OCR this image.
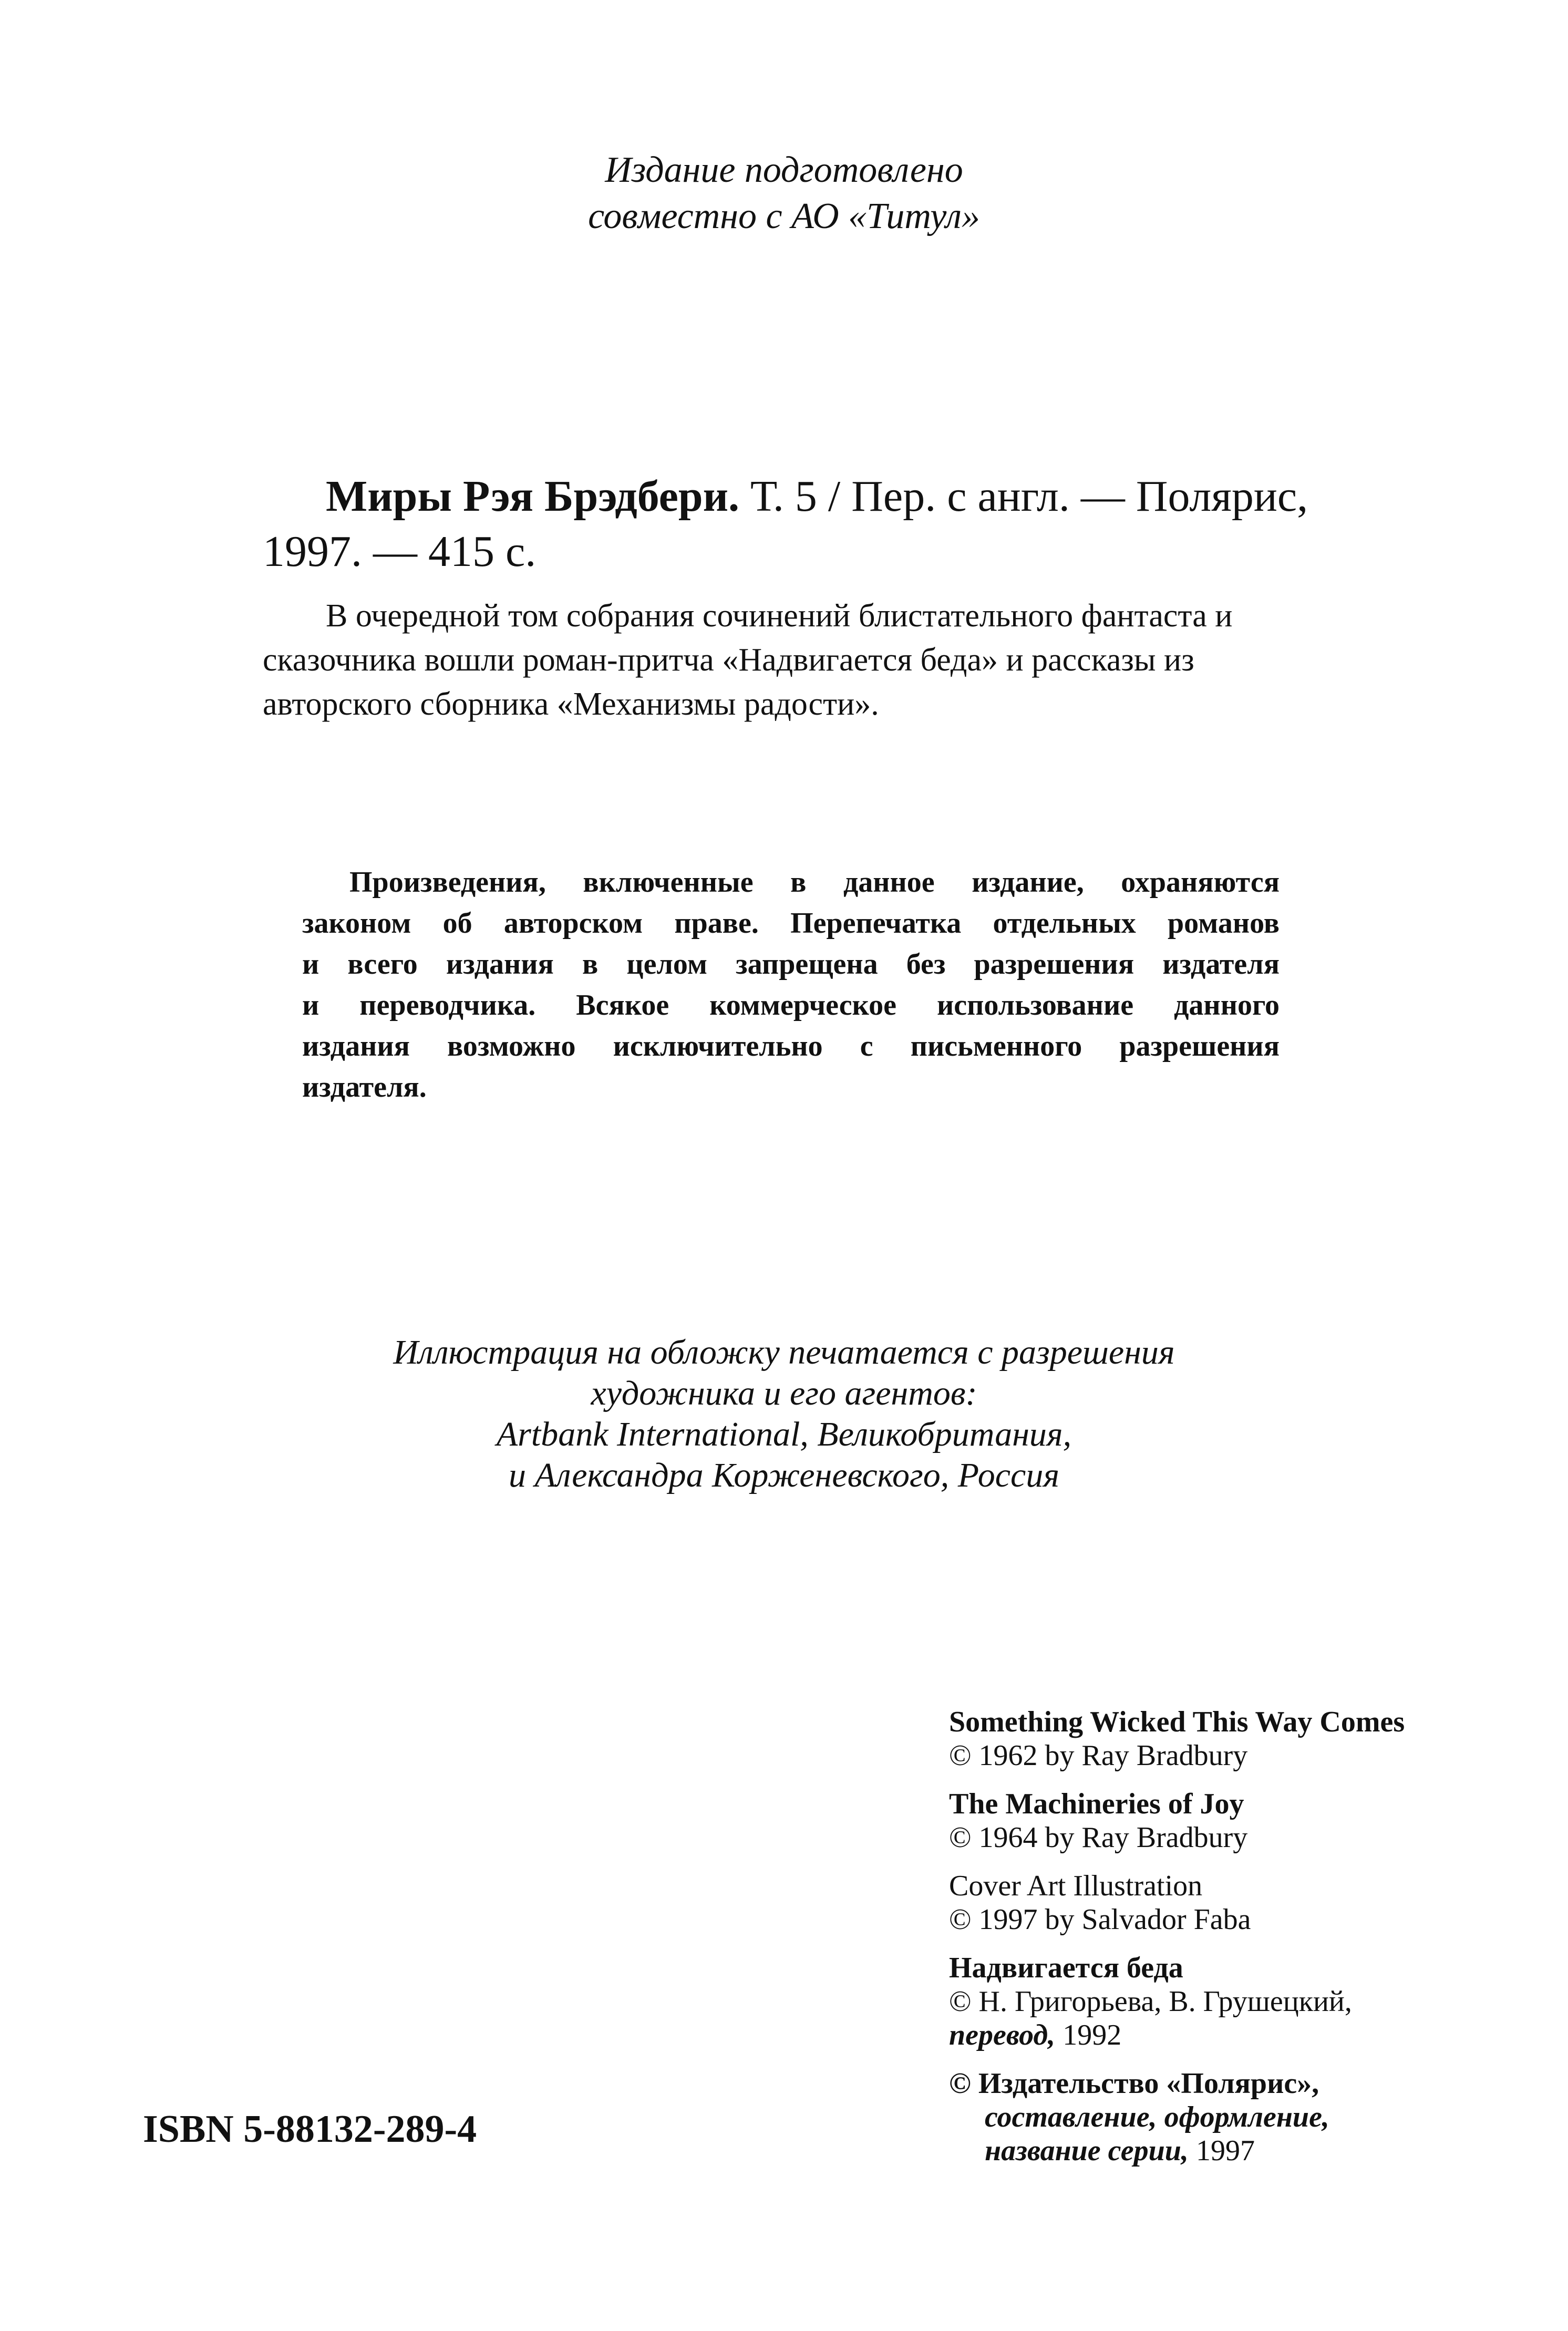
Издание подготовлено
совместно с АО «Титул»
Миры Рэя Брэдбери. Т. 5 / Пер. с англ. — Полярис,
1997. — 415 с.
В очередной том собрания сочинений блистательного фантаста и
сказочника вошли роман-притча «Надвигается беда» и рассказы из
авторского сборника «Механизмы радости».
Произведения, включенные в данное издание, охраняются
законом об авторском праве. Перепечатка отдельных романов
и всего издания в целом запрещена без разрешения издателя
и переводчика. Всякое коммерческое использование данного
издания возможно исключительно с письменного разрешения
издателя.
Иллюстрация на обложку печатается с разрешения
художника и его агентов:
Artbank International, Великобритания,
и Александра Корженевского, Россия
Something Wicked This Way Comes
© 1962 by Ray Bradbury
The Machineries of Joy
© 1964 by Ray Bradbury
Cover Art Illustration
© 1997 by Salvador Faba
Надвигается беда
© Н. Григорьева, В. Грушецкий,
перевод, 1992
© Издательство «Полярис»,
составление, оформление,
название серии, 1997
ISBN 5-88132-289-4
